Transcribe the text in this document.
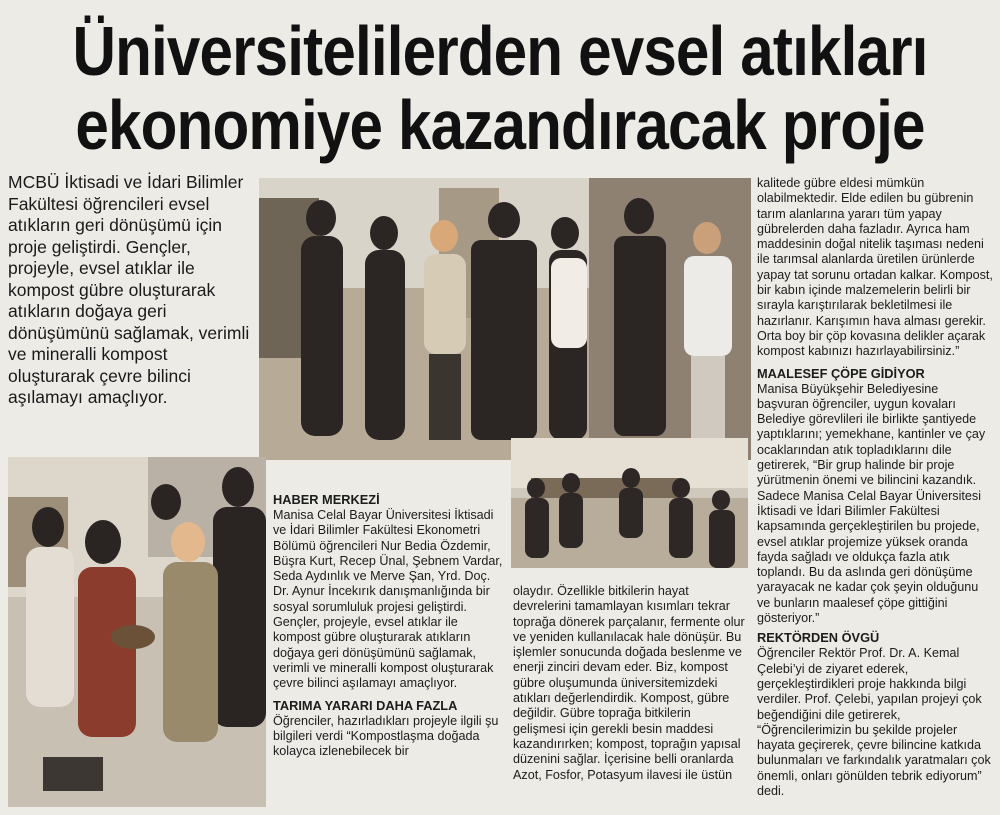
Üniversitelilerden evsel atıkları
ekonomiye kazandıracak proje
MCBÜ İktisadi ve İdari Bilimler Fakültesi öğrencileri evsel atıkların geri dönüşümü için proje geliştirdi. Gençler, projeyle, evsel atıklar ile kompost gübre oluşturarak atıkların doğaya geri dönüşümünü sağlamak, verimli ve mineralli kompost oluşturarak çevre bilinci aşılamayı amaçlıyor.

HABER MERKEZİ

Manisa Celal Bayar Üniversitesi İktisadi ve İdari Bilimler Fakültesi Ekonometri Bölümü öğrencileri Nur Bedia Özdemir, Büşra Kurt, Recep Ünal, Şebnem Vardar, Seda Aydınlık ve Merve Şan, Yrd. Doç. Dr. Aynur İncekırık danışmanlığında bir sosyal sorumluluk projesi geliştirdi. Gençler, projeyle, evsel atıklar ile kompost gübre oluşturarak atıkların doğaya geri dönüşümünü sağlamak, verimli ve mineralli kompost oluşturarak çevre bilinci aşılamayı amaçlıyor.

TARIMA YARARI DAHA FAZLA

Öğrenciler, hazırladıkları projeyle ilgili şu bilgileri verdi “Kompostlaşma doğada kolayca izlenebilecek bir

olaydır. Özellikle bitkilerin hayat devrelerini tamamlayan kısımları tekrar toprağa dönerek parçalanır, fermente olur ve yeniden kullanılacak hale dönüşür. Bu işlemler sonucunda doğada beslenme ve enerji zinciri devam eder. Biz, kompost gübre oluşumunda üniversitemizdeki atıkları değerlendirdik. Kompost, gübre değildir. Gübre toprağa bitkilerin gelişmesi için gerekli besin maddesi kazandırırken; kompost, toprağın yapısal düzenini sağlar. İçerisine belli oranlarda Azot, Fosfor, Potasyum ilavesi ile üstün

kalitede gübre eldesi mümkün olabilmektedir. Elde edilen bu gübrenin tarım alanlarına yararı tüm yapay gübrelerden daha fazladır. Ayrıca ham maddesinin doğal nitelik taşıması nedeni ile tarımsal alanlarda üretilen ürünlerde yapay tat sorunu ortadan kalkar. Kompost, bir kabın içinde malzemelerin belirli bir sırayla karıştırılarak bekletilmesi ile hazırlanır. Karışımın hava alması gerekir. Orta boy bir çöp kovasına delikler açarak kompost kabınızı hazırlayabilirsiniz.”

MAALESEF ÇÖPE GİDİYOR

Manisa Büyükşehir Belediyesine başvuran öğrenciler, uygun kovaları Belediye görevlileri ile birlikte şantiyede yaptıklarını; yemekhane, kantinler ve çay ocaklarından atık topladıklarını dile getirerek, “Bir grup halinde bir proje yürütmenin önemi ve bilincini kazandık. Sadece Manisa Celal Bayar Üniversitesi İktisadi ve İdari Bilimler Fakültesi kapsamında gerçekleştirilen bu projede, evsel atıklar projemize yüksek oranda fayda sağladı ve oldukça fazla atık toplandı. Bu da aslında geri dönüşüme yarayacak ne kadar çok şeyin olduğunu ve bunların maalesef çöpe gittiğini gösteriyor.”

REKTÖRDEN ÖVGÜ

Öğrenciler Rektör Prof. Dr. A. Kemal Çelebi’yi de ziyaret ederek, gerçekleştirdikleri proje hakkında bilgi verdiler. Prof. Çelebi, yapılan projeyi çok beğendiğini dile getirerek, “Öğrencilerimizin bu şekilde projeler hayata geçirerek, çevre bilincine katkıda bulunmaları ve farkındalık yaratmaları çok önemli, onları gönülden tebrik ediyorum” dedi.
